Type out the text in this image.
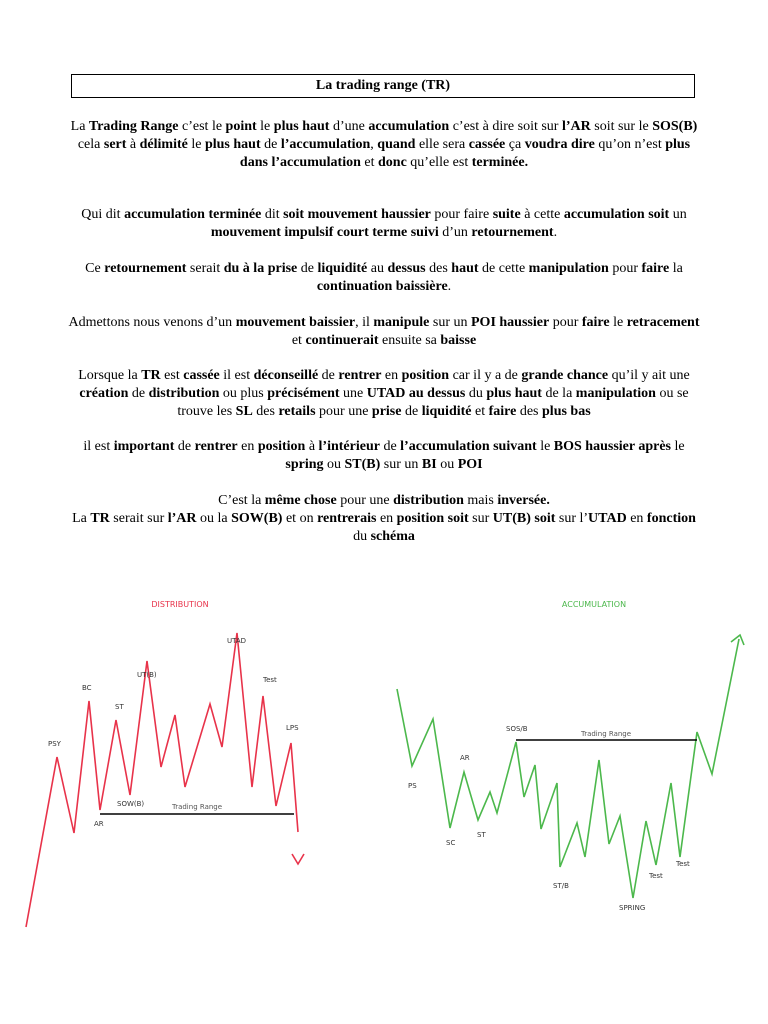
La trading range (TR)

La Trading Range c’est le point le plus haut d’une accumulation c’est à dire soit sur l’AR soit sur le SOS(B)
cela sert à délimité le plus haut de l’accumulation, quand elle sera cassée ça voudra dire qu’on n’est plus dans l’accumulation et donc qu’elle est terminée.

Qui dit accumulation terminée dit soit mouvement haussier pour faire suite à cette accumulation soit un mouvement impulsif court terme suivi d’un retournement.

Ce retournement serait du à la prise de liquidité au dessus des haut de cette manipulation pour faire la continuation baissière.

Admettons nous venons d’un mouvement baissier, il manipule sur un POI haussier pour faire le retracement et continuerait ensuite sa baisse

Lorsque la TR est cassée il est déconseillé de rentrer en position car il y a de grande chance qu’il y ait une création de distribution ou plus précisément une UTAD au dessus du plus haut de la manipulation ou se trouve les SL des retails pour une prise de liquidité et faire des plus bas

il est important de rentrer en position à l’intérieur de l’accumulation suivant le BOS haussier après le spring ou ST(B) sur un BI ou POI

C’est la même chose pour une distribution mais inversée.
La TR serait sur l’AR ou la SOW(B) et on rentrerais en position soit sur UT(B) soit sur l’UTAD en fonction du schéma

DISTRIBUTION
Trading Range
PSY
BC
AR
ST
SOW(B)
UT(B)
UTAD
Test
LPS
ACCUMULATION
Trading Range
PS
SC
AR
ST
SOS/B
ST/B
SPRING
Test
Test
